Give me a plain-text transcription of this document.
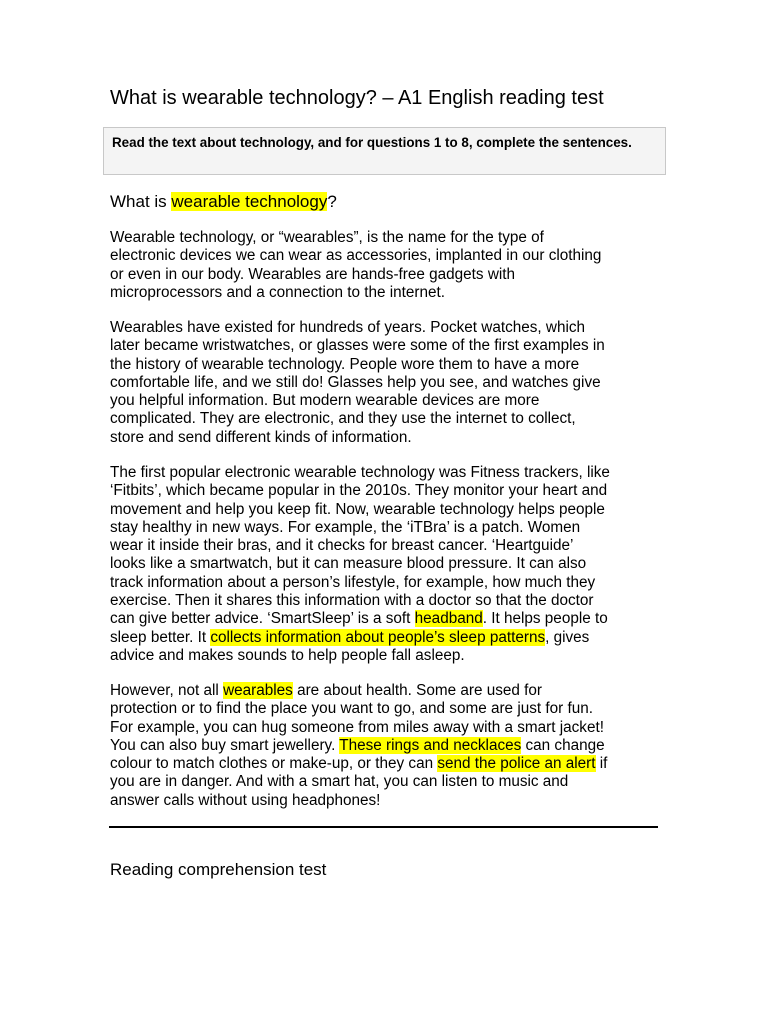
What is wearable technology? – A1 English reading test
Read the text about technology, and for questions 1 to 8, complete the sentences.
What is wearable technology?

Wearable technology, or “wearables”, is the name for the type of
electronic devices we can wear as accessories, implanted in our clothing
or even in our body. Wearables are hands-free gadgets with
microprocessors and a connection to the internet.

Wearables have existed for hundreds of years. Pocket watches, which
later became wristwatches, or glasses were some of the first examples in
the history of wearable technology. People wore them to have a more
comfortable life, and we still do! Glasses help you see, and watches give
you helpful information. But modern wearable devices are more
complicated. They are electronic, and they use the internet to collect,
store and send different kinds of information.

The first popular electronic wearable technology was Fitness trackers, like
‘Fitbits’, which became popular in the 2010s. They monitor your heart and
movement and help you keep fit. Now, wearable technology helps people
stay healthy in new ways. For example, the ‘iTBra’ is a patch. Women
wear it inside their bras, and it checks for breast cancer. ‘Heartguide’
looks like a smartwatch, but it can measure blood pressure. It can also
track information about a person’s lifestyle, for example, how much they
exercise. Then it shares this information with a doctor so that the doctor
can give better advice. ‘SmartSleep’ is a soft headband. It helps people to
sleep better. It collects information about people’s sleep patterns, gives
advice and makes sounds to help people fall asleep.

However, not all wearables are about health. Some are used for
protection or to find the place you want to go, and some are just for fun.
For example, you can hug someone from miles away with a smart jacket!
You can also buy smart jewellery. These rings and necklaces can change
colour to match clothes or make-up, or they can send the police an alert if
you are in danger. And with a smart hat, you can listen to music and
answer calls without using headphones!

Reading comprehension test
